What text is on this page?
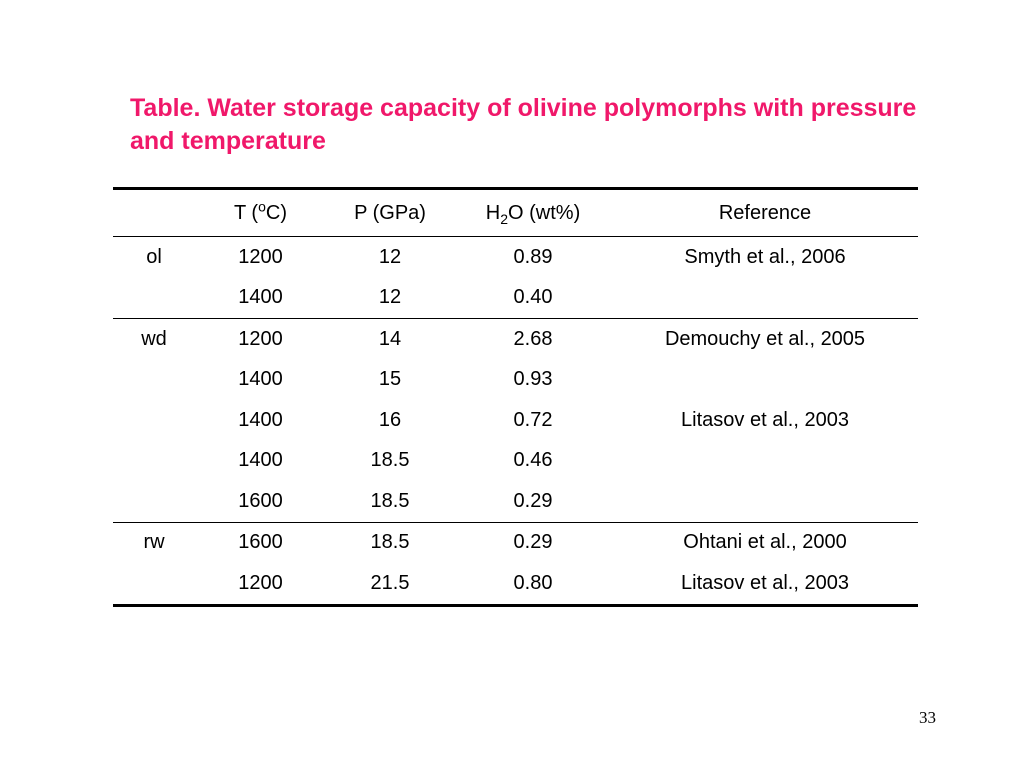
Table. Water storage capacity of olivine polymorphs with pressure and temperature
	T ($^o$C)	P (GPa)	$H_2O$ (wt%)	Reference
ol	1200	12	0.89	Smyth et al., 2006
	1400	12	0.40	
wd	1200	14	2.68	Demouchy et al., 2005
	1400	15	0.93	
	1400	16	0.72	Litasov et al., 2003
	1400	18.5	0.46	
	1600	18.5	0.29	
rw	1600	18.5	0.29	Ohtani et al., 2000
	1200	21.5	0.80	Litasov et al., 2003
33
